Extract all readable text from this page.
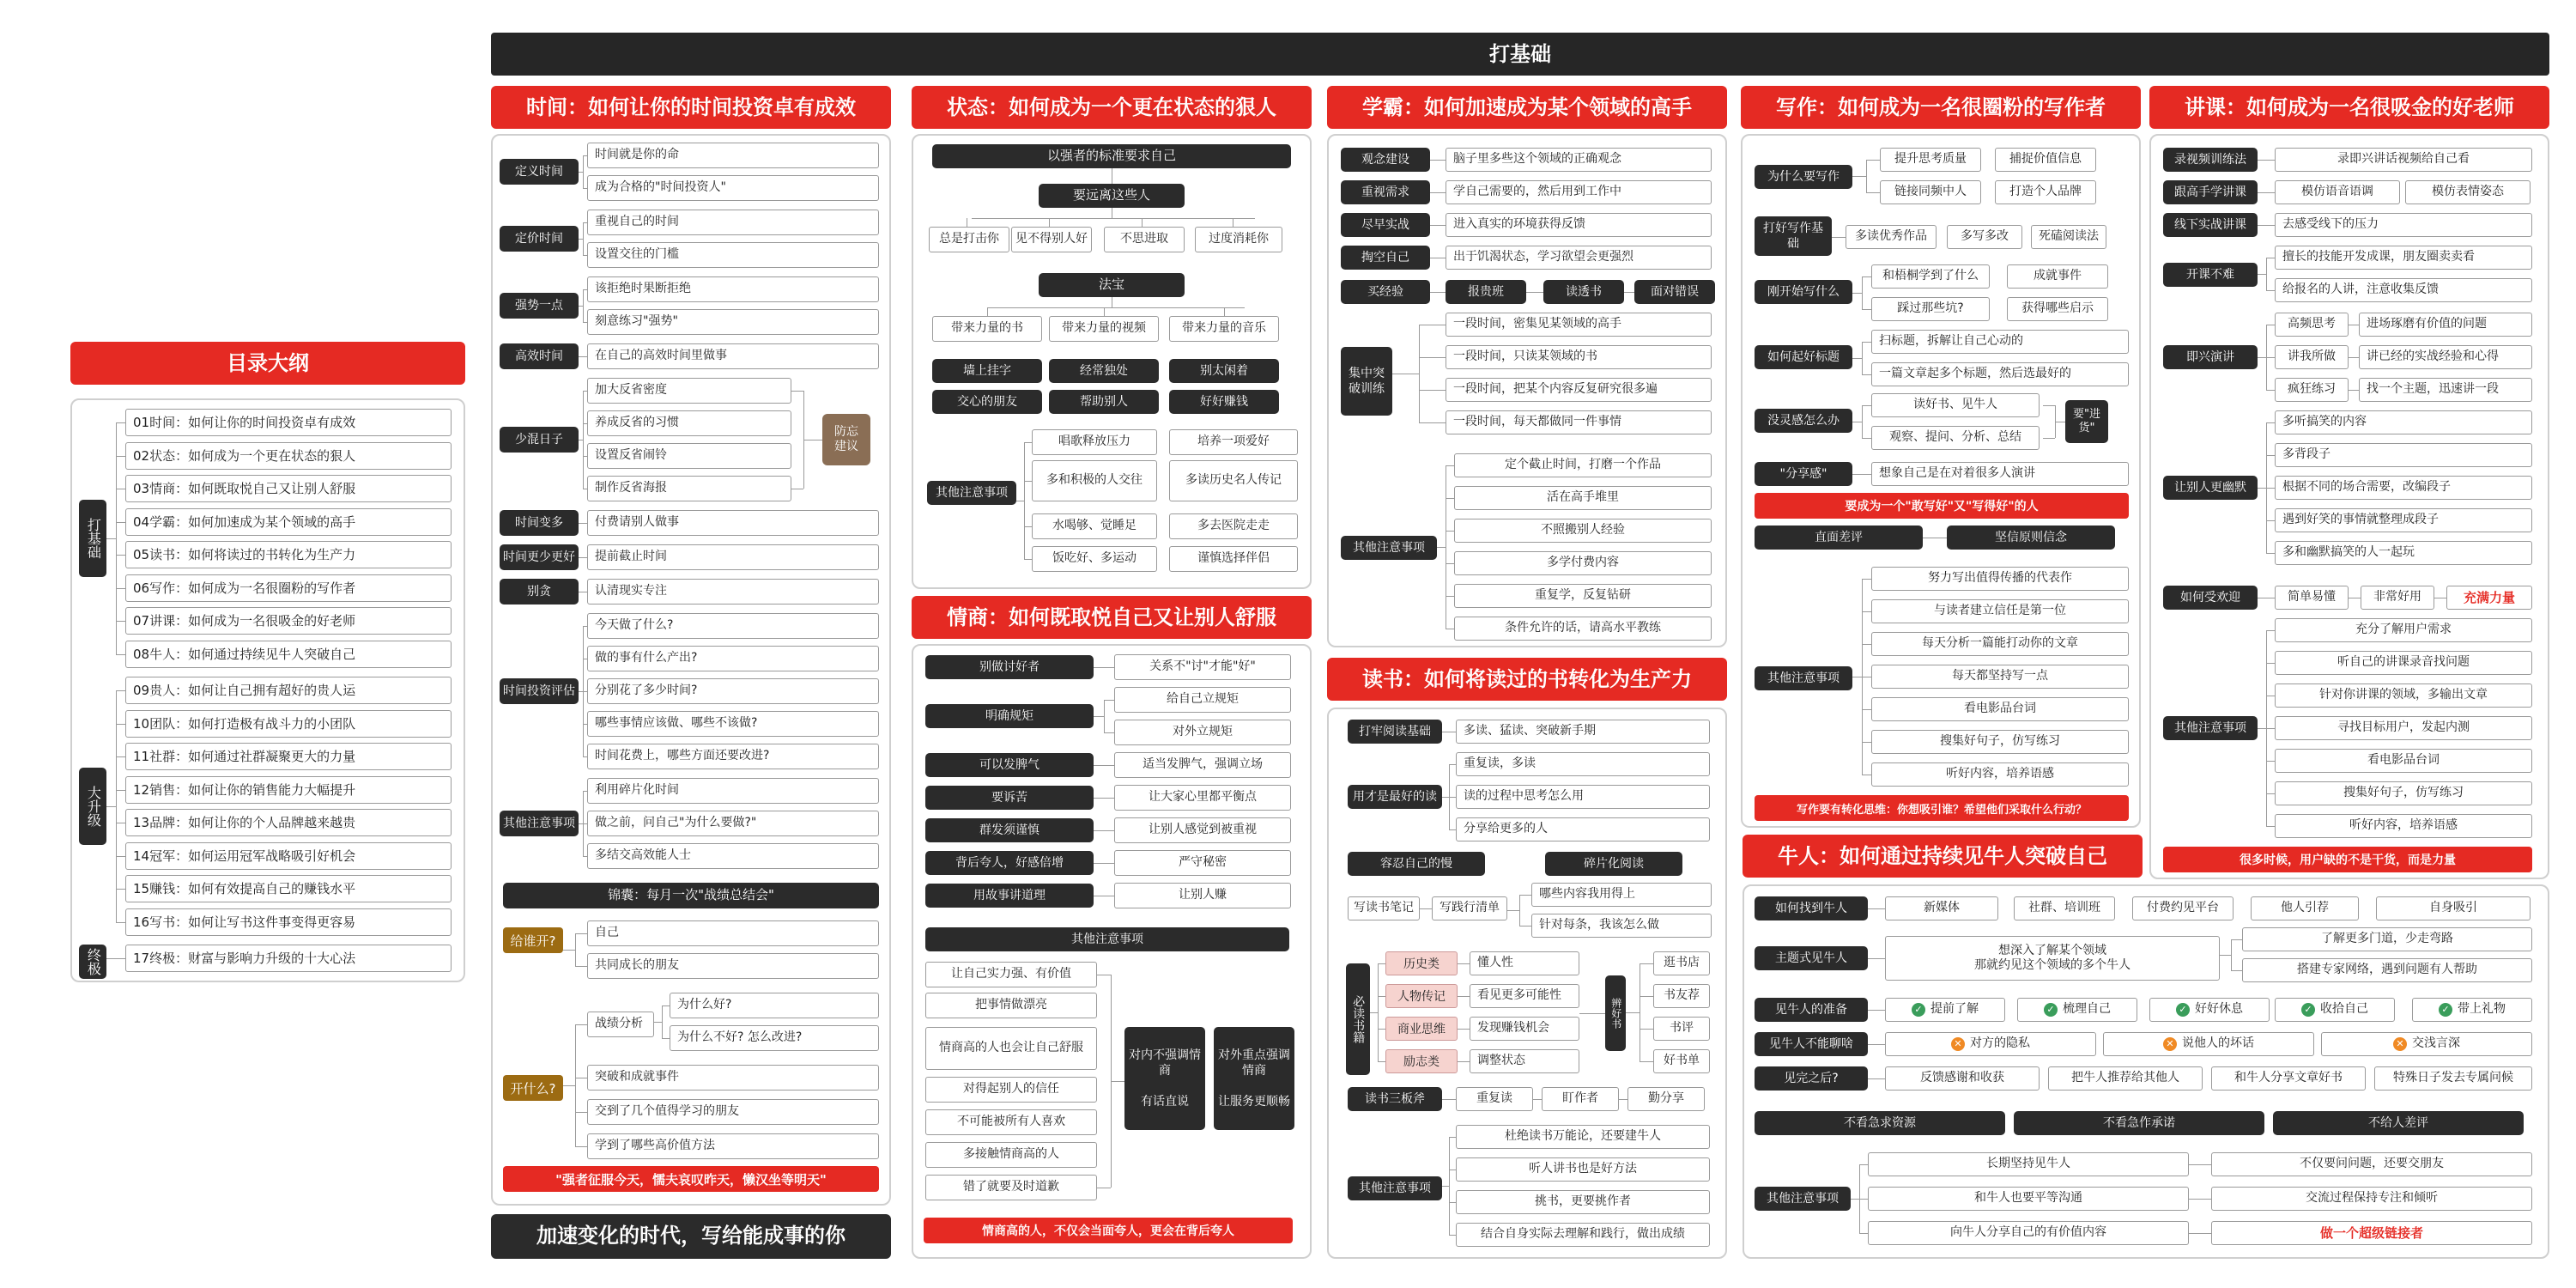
打基础
目录大纲
01时间：如何让你的时间投资卓有成效
02状态：如何成为一个更在状态的狠人
03情商：如何既取悦自己又让别人舒服
04学霸：如何加速成为某个领域的高手
05读书：如何将读过的书转化为生产力
06写作：如何成为一名很圈粉的写作者
07讲课：如何成为一名很吸金的好老师
08牛人：如何通过持续见牛人突破自己
打基础
09贵人：如何让自己拥有超好的贵人运
10团队：如何打造极有战斗力的小团队
11社群：如何通过社群凝聚更大的力量
12销售：如何让你的销售能力大幅提升
13品牌：如何让你的个人品牌越来越贵
14冠军：如何运用冠军战略吸引好机会
15赚钱：如何有效提高自己的赚钱水平
16写书：如何让写书这件事变得更容易
大升级
17终极：财富与影响力升级的十大心法
终极
时间：如何让你的时间投资卓有成效
时间就是你的命
成为合格的"时间投资人"
定义时间
重视自己的时间
设置交往的门槛
定价时间
该拒绝时果断拒绝
刻意练习"强势"
强势一点
在自己的高效时间里做事
高效时间
加大反省密度
养成反省的习惯
设置反省闹铃
制作反省海报
少混日子
防忘建议
付费请别人做事
时间变多
提前截止时间
时间更少更好
认清现实专注
别贪
今天做了什么?
做的事有什么产出?
分别花了多少时间?
哪些事情应该做、哪些不该做?
时间花费上，哪些方面还要改进?
时间投资评估
利用碎片化时间
做之前，问自己"为什么要做?"
多结交高效能人士
其他注意事项
锦囊：每月一次"战绩总结会"
自己
共同成长的朋友
给谁开?
战绩分析
为什么好?
为什么不好? 怎么改进?
突破和成就事件
交到了几个值得学习的朋友
学到了哪些高价值方法
开什么?
"强者征服今天，懦夫哀叹昨天，懒汉坐等明天"
加速变化的时代，写给能成事的你
状态：如何成为一个更在状态的狠人
以强者的标准要求自己
要远离这些人
总是打击你	见不得别人好	不思进取	过度消耗你
法宝
带来力量的书	带来力量的视频	带来力量的音乐
墙上挂字	经常独处	别太闲着
交心的朋友	帮助别人	好好赚钱
其他注意事项
唱歌释放压力	培养一项爱好
多和积极的人交往	多读历史名人传记
水喝够、觉睡足	多去医院走走
饭吃好、多运动	谨慎选择伴侣
情商：如何既取悦自己又让别人舒服
关系不"讨"才能"好"
别做讨好者
给自己立规矩
对外立规矩
明确规矩
适当发脾气，强调立场
可以发脾气
让大家心里都平衡点
要诉苦
让别人感觉到被重视
群发须谨慎
严守秘密
背后夸人，好感倍增
让别人赚
用故事讲道理
其他注意事项
让自己实力强、有价值
把事情做漂亮
情商高的人也会让自己舒服
对得起别人的信任
不可能被所有人喜欢
多接触情商高的人
错了就要及时道歉
对内不强调情商

有话直说
对外重点强调情商

让服务更顺畅
情商高的人，不仅会当面夸人，更会在背后夸人
学霸：如何加速成为某个领域的高手
观念建设	脑子里多些这个领域的正确观念
重视需求	学自己需要的，然后用到工作中
尽早实战	进入真实的环境获得反馈
掏空自己	出于饥渴状态，学习欲望会更强烈
买经验	报贵班	读透书	面对错误
一段时间，密集见某领域的高手
一段时间，只读某领域的书
一段时间，把某个内容反复研究很多遍
一段时间，每天都做同一件事情
集中突破训练
定个截止时间，打磨一个作品
活在高手堆里
不照搬别人经验
多学付费内容
重复学，反复钻研
条件允许的话，请高水平教练
其他注意事项
读书：如何将读过的书转化为生产力
打牢阅读基础	多读、猛读、突破新手期
重复读，多读
读的过程中思考怎么用
分享给更多的人
用才是最好的读
容忍自己的慢	碎片化阅读
写读书笔记	写践行清单
哪些内容我用得上
针对每条，我该怎么做
历史类	懂人性
人物传记	看见更多可能性
商业思维	发现赚钱机会
励志类	调整状态
必读书籍	辨好书
逛书店
书友荐
书评
好书单
读书三板斧	重复读	盯作者	勤分享
杜绝读书万能论，还要建牛人
听人讲书也是好方法
挑书，更要挑作者
结合自身实际去理解和践行，做出成绩
其他注意事项
写作：如何成为一名很圈粉的写作者
为什么要写作
提升思考质量	捕捉价值信息
链接同频中人	打造个人品牌
打好写作基础
多读优秀作品	多写多改	死磕阅读法
刚开始写什么
和梧桐学到了什么	成就事件
踩过那些坑?	获得哪些启示
如何起好标题
扫标题，拆解让自己心动的
一篇文章起多个标题，然后选最好的
没灵感怎么办
读好书、见牛人
观察、提问、分析、总结
要"进货"
"分享感"	想象自己是在对着很多人演讲
要成为一个"敢写好"又"写得好"的人
直面差评	坚信原则信念
努力写出值得传播的代表作
与读者建立信任是第一位
每天分析一篇能打动你的文章
每天都坚持写一点
看电影品台词
搜集好句子，仿写练习
听好内容，培养语感
其他注意事项
写作要有转化思维：你想吸引谁？希望他们采取什么行动？
讲课：如何成为一名很吸金的好老师
录视频训练法	录即兴讲话视频给自己看
跟高手学讲课	模仿语音语调	模仿表情姿态
线下实战讲课	去感受线下的压力
开课不难
擅长的技能开发成课，朋友圈卖卖看
给报名的人讲，注意收集反馈
即兴演讲
高频思考	进场琢磨有价值的问题
讲我所做	讲已经的实战经验和心得
疯狂练习	找一个主题，迅速讲一段
让别人更幽默
多听搞笑的内容
多背段子
根据不同的场合需要，改编段子
遇到好笑的事情就整理成段子
多和幽默搞笑的人一起玩
如何受欢迎	简单易懂	非常好用	充满力量
充分了解用户需求
听自己的讲课录音找问题
针对你讲课的领域，多输出文章
寻找目标用户，发起内测
看电影品台词
搜集好句子，仿写练习
听好内容，培养语感
其他注意事项
很多时候，用户缺的不是干货，而是力量
牛人：如何通过持续见牛人突破自己
如何找到牛人	新媒体	社群、培训班	付费约见平台	他人引荐	自身吸引
主题式见牛人
想深入了解某个领域
那就约见这个领域的多个牛人
了解更多门道，少走弯路
搭建专家网络，遇到问题有人帮助
见牛人的准备	✓ 提前了解	✓ 梳理自己	✓ 好好休息	✓ 收拾自己	✓ 带上礼物
见牛人不能聊啥	✕ 对方的隐私	✕ 说他人的坏话	✕ 交浅言深
见完之后?	反馈感谢和收获	把牛人推荐给其他人	和牛人分享文章好书	特殊日子发去专属问候
不看急求资源	不看急作承诺	不给人差评
其他注意事项
长期坚持见牛人	不仅要问问题，还要交朋友
和牛人也要平等沟通	交流过程保持专注和倾听
向牛人分享自己的有价值内容	做一个超级链接者
